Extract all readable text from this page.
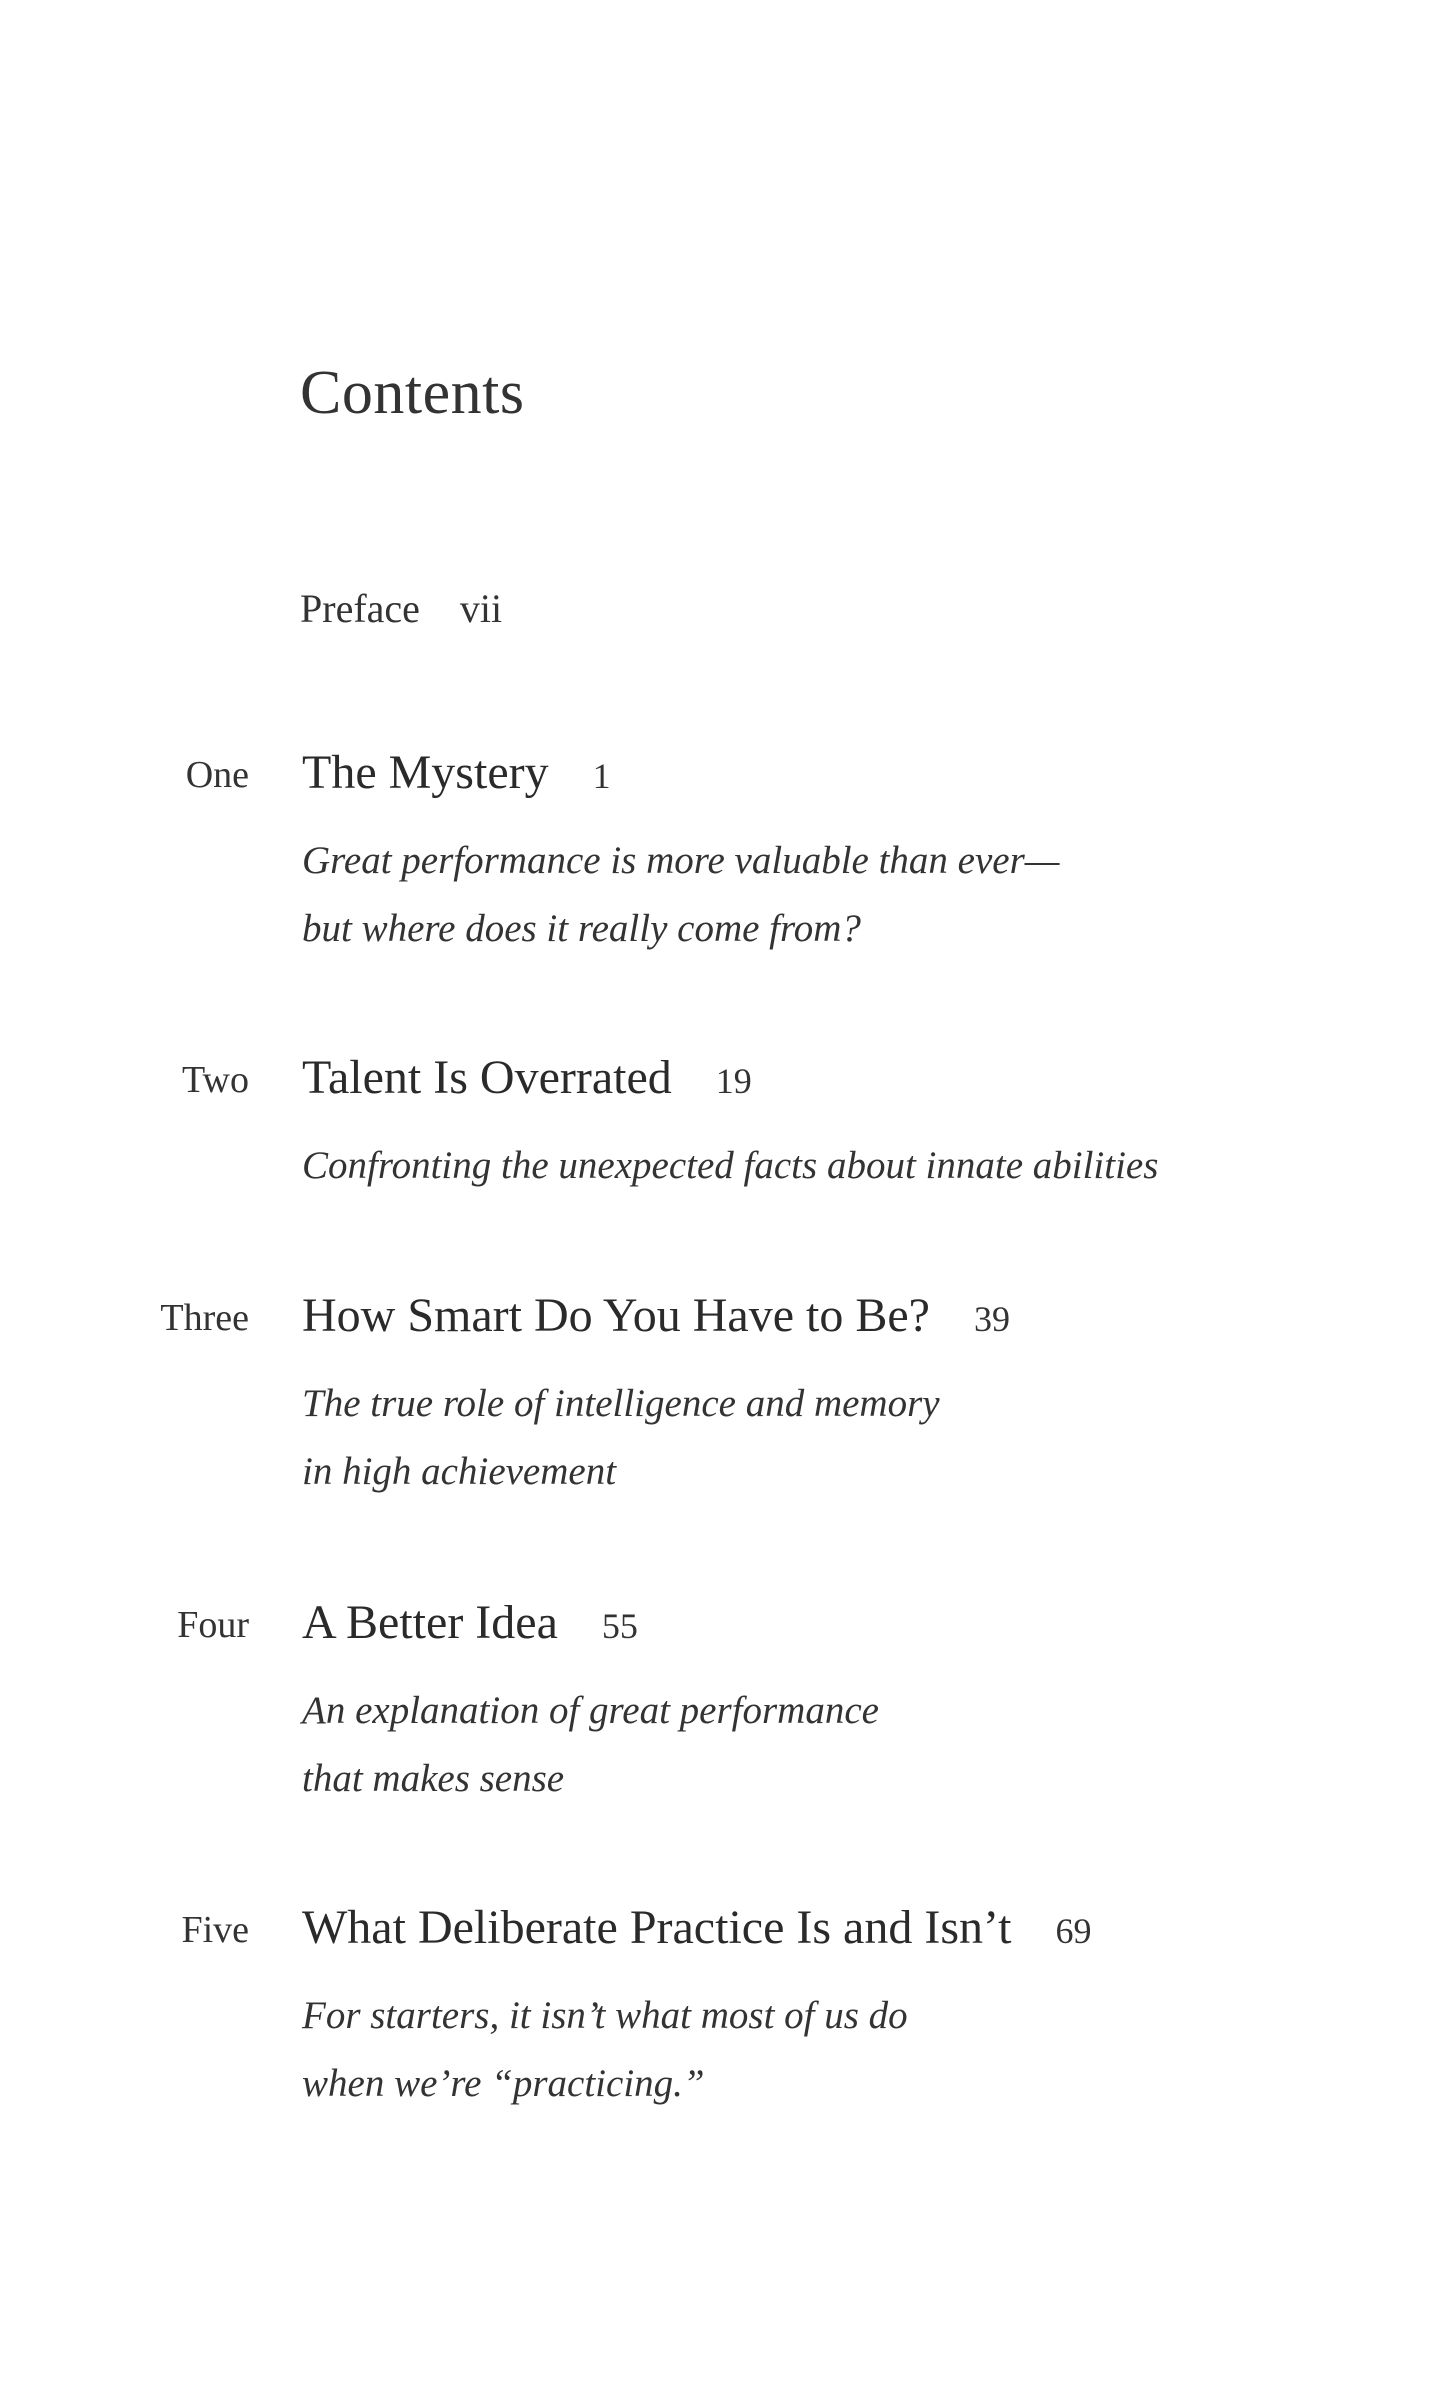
Contents
Preface vii
One The Mystery 1
Great performance is more valuable than ever—
but where does it really come from?
Two Talent Is Overrated 19
Confronting the unexpected facts about innate abilities
Three How Smart Do You Have to Be? 39
The true role of intelligence and memory
in high achievement
Four A Better Idea 55
An explanation of great performance
that makes sense
Five What Deliberate Practice Is and Isn’t 69
For starters, it isn’t what most of us do
when we’re “practicing.”
